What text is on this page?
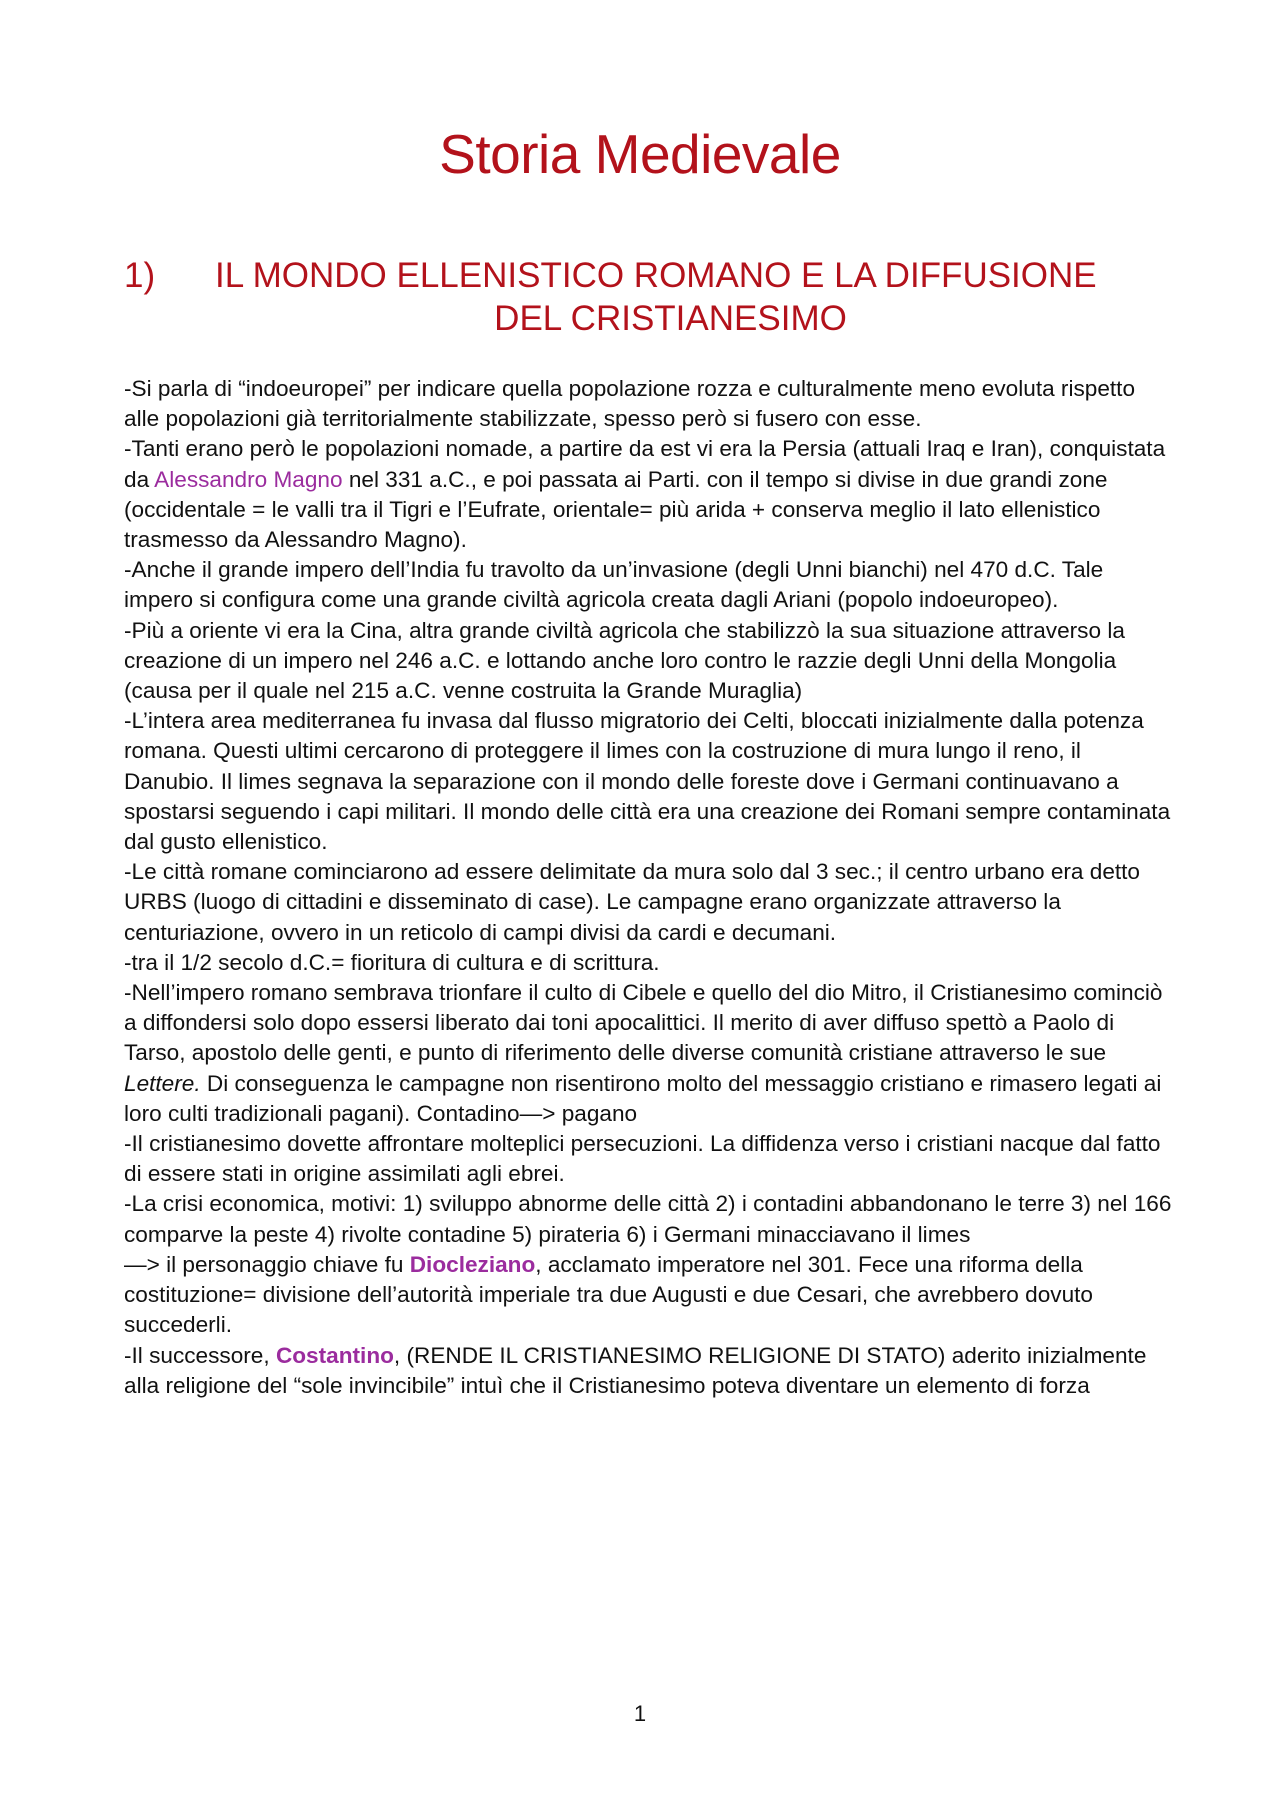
Storia Medievale
1)	IL MONDO ELLENISTICO ROMANO E LA DIFFUSIONE
DEL CRISTIANESIMO

-Si parla di “indoeuropei” per indicare quella popolazione rozza e culturalmente meno evoluta rispetto alle popolazioni già territorialmente stabilizzate, spesso però si fusero con esse.

-Tanti erano però le popolazioni nomade, a partire da est vi era la Persia (attuali Iraq e Iran), conquistata da Alessandro Magno nel 331 a.C., e poi passata ai Parti. con il tempo si divise in due grandi zone (occidentale = le valli tra il Tigri e l’Eufrate, orientale= più arida + conserva meglio il lato ellenistico trasmesso da Alessandro Magno).

-Anche il grande impero dell’India fu travolto da un’invasione (degli Unni bianchi) nel 470 d.C. Tale impero si configura come una grande civiltà agricola creata dagli Ariani (popolo indoeuropeo).

-Più a oriente vi era la Cina, altra grande civiltà agricola che stabilizzò la sua situazione attraverso la creazione di un impero nel 246 a.C. e lottando anche loro contro le razzie degli Unni della Mongolia (causa per il quale nel 215 a.C. venne costruita la Grande Muraglia)

-L’intera area mediterranea fu invasa dal flusso migratorio dei Celti, bloccati inizialmente dalla potenza romana. Questi ultimi cercarono di proteggere il limes con la costruzione di mura lungo il reno, il Danubio. Il limes segnava la separazione con il mondo delle foreste dove i Germani continuavano a spostarsi seguendo i capi militari. Il mondo delle città era una creazione dei Romani sempre contaminata dal gusto ellenistico.

-Le città romane cominciarono ad essere delimitate da mura solo dal 3 sec.; il centro urbano era detto URBS (luogo di cittadini e disseminato di case). Le campagne erano organizzate attraverso la centuriazione, ovvero in un reticolo di campi divisi da cardi e decumani.

-tra il 1/2 secolo d.C.= fioritura di cultura e di scrittura.

-Nell’impero romano sembrava trionfare il culto di Cibele e quello del dio Mitro, il Cristianesimo cominciò a diffondersi solo dopo essersi liberato dai toni apocalittici. Il merito di aver diffuso spettò a Paolo di Tarso, apostolo delle genti, e punto di riferimento delle diverse comunità cristiane attraverso le sue Lettere. Di conseguenza le campagne non risentirono molto del messaggio cristiano e rimasero legati ai loro culti tradizionali pagani). Contadino—> pagano

-Il cristianesimo dovette affrontare molteplici persecuzioni. La diffidenza verso i cristiani nacque dal fatto di essere stati in origine assimilati agli ebrei.

-La crisi economica, motivi: 1) sviluppo abnorme delle città 2) i contadini abbandonano le terre 3) nel 166 comparve la peste 4) rivolte contadine 5) pirateria 6) i Germani minacciavano il limes

—> il personaggio chiave fu Diocleziano, acclamato imperatore nel 301. Fece una riforma della costituzione= divisione dell’autorità imperiale tra due Augusti e due Cesari, che avrebbero dovuto succederli.

-Il successore, Costantino, (RENDE IL CRISTIANESIMO RELIGIONE DI STATO) aderito inizialmente alla religione del “sole invincibile” intuì che il Cristianesimo poteva diventare un elemento di forza

1
